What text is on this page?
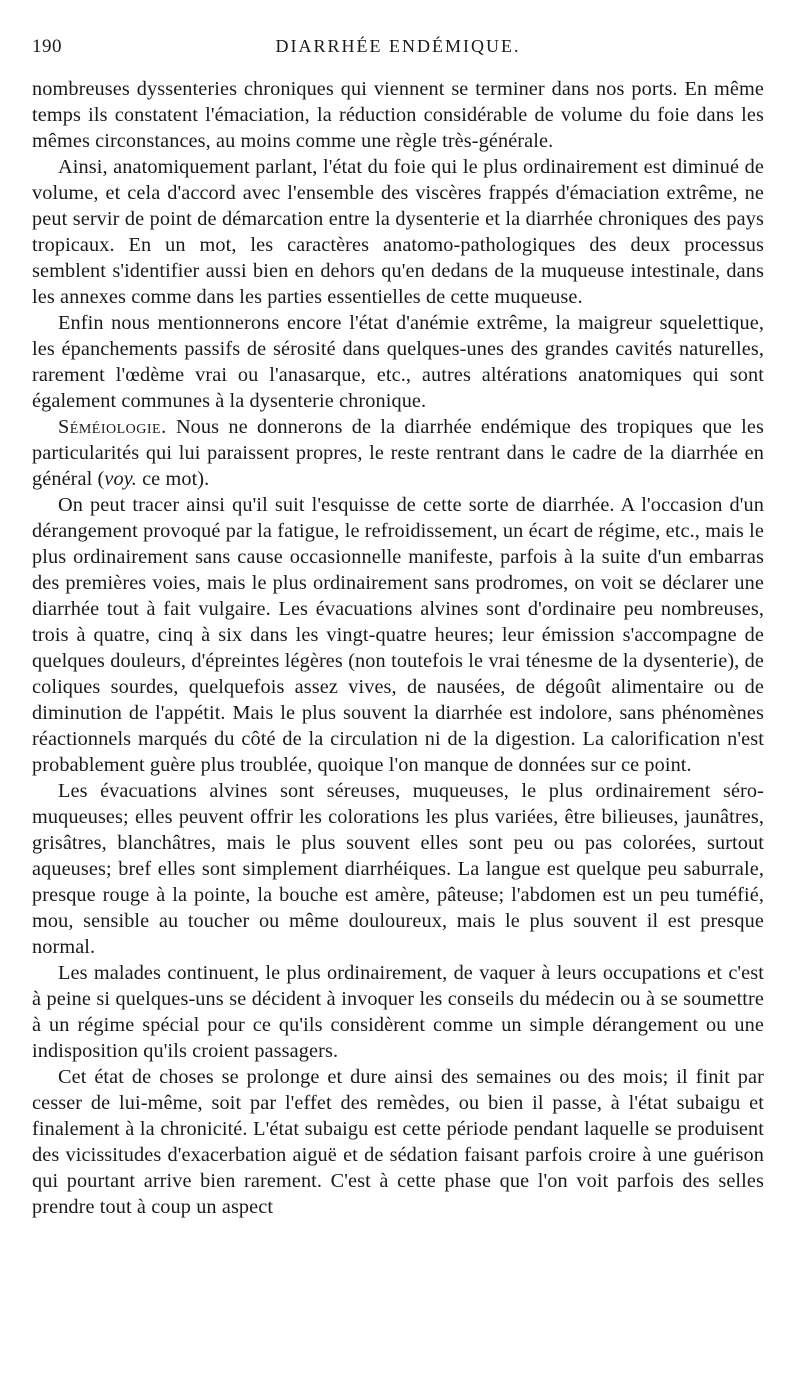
190	DIARRHÉE ENDÉMIQUE.

nombreuses dyssenteries chroniques qui viennent se terminer dans nos ports. En même temps ils constatent l'émaciation, la réduction considérable de volume du foie dans les mêmes circonstances, au moins comme une règle très-générale.

Ainsi, anatomiquement parlant, l'état du foie qui le plus ordinairement est diminué de volume, et cela d'accord avec l'ensemble des viscères frappés d'émaciation extrême, ne peut servir de point de démarcation entre la dysenterie et la diarrhée chroniques des pays tropicaux. En un mot, les caractères anatomo-pathologiques des deux processus semblent s'identifier aussi bien en dehors qu'en dedans de la muqueuse intestinale, dans les annexes comme dans les parties essentielles de cette muqueuse.

Enfin nous mentionnerons encore l'état d'anémie extrême, la maigreur squelettique, les épanchements passifs de sérosité dans quelques-unes des grandes cavités naturelles, rarement l'œdème vrai ou l'anasarque, etc., autres altérations anatomiques qui sont également communes à la dysenterie chronique.

Séméiologie. Nous ne donnerons de la diarrhée endémique des tropiques que les particularités qui lui paraissent propres, le reste rentrant dans le cadre de la diarrhée en général (voy. ce mot).

On peut tracer ainsi qu'il suit l'esquisse de cette sorte de diarrhée. A l'occasion d'un dérangement provoqué par la fatigue, le refroidissement, un écart de régime, etc., mais le plus ordinairement sans cause occasionnelle manifeste, parfois à la suite d'un embarras des premières voies, mais le plus ordinairement sans prodromes, on voit se déclarer une diarrhée tout à fait vulgaire. Les évacuations alvines sont d'ordinaire peu nombreuses, trois à quatre, cinq à six dans les vingt-quatre heures; leur émission s'accompagne de quelques douleurs, d'épreintes légères (non toutefois le vrai ténesme de la dysenterie), de coliques sourdes, quelquefois assez vives, de nausées, de dégoût alimentaire ou de diminution de l'appétit. Mais le plus souvent la diarrhée est indolore, sans phénomènes réactionnels marqués du côté de la circulation ni de la digestion. La calorification n'est probablement guère plus troublée, quoique l'on manque de données sur ce point.

Les évacuations alvines sont séreuses, muqueuses, le plus ordinairement séro-muqueuses; elles peuvent offrir les colorations les plus variées, être bilieuses, jaunâtres, grisâtres, blanchâtres, mais le plus souvent elles sont peu ou pas colorées, surtout aqueuses; bref elles sont simplement diarrhéiques. La langue est quelque peu saburrale, presque rouge à la pointe, la bouche est amère, pâteuse; l'abdomen est un peu tuméfié, mou, sensible au toucher ou même douloureux, mais le plus souvent il est presque normal.

Les malades continuent, le plus ordinairement, de vaquer à leurs occupations et c'est à peine si quelques-uns se décident à invoquer les conseils du médecin ou à se soumettre à un régime spécial pour ce qu'ils considèrent comme un simple dérangement ou une indisposition qu'ils croient passagers.

Cet état de choses se prolonge et dure ainsi des semaines ou des mois; il finit par cesser de lui-même, soit par l'effet des remèdes, ou bien il passe, à l'état subaigu et finalement à la chronicité. L'état subaigu est cette période pendant laquelle se produisent des vicissitudes d'exacerbation aiguë et de sédation faisant parfois croire à une guérison qui pourtant arrive bien rarement. C'est à cette phase que l'on voit parfois des selles prendre tout à coup un aspect
